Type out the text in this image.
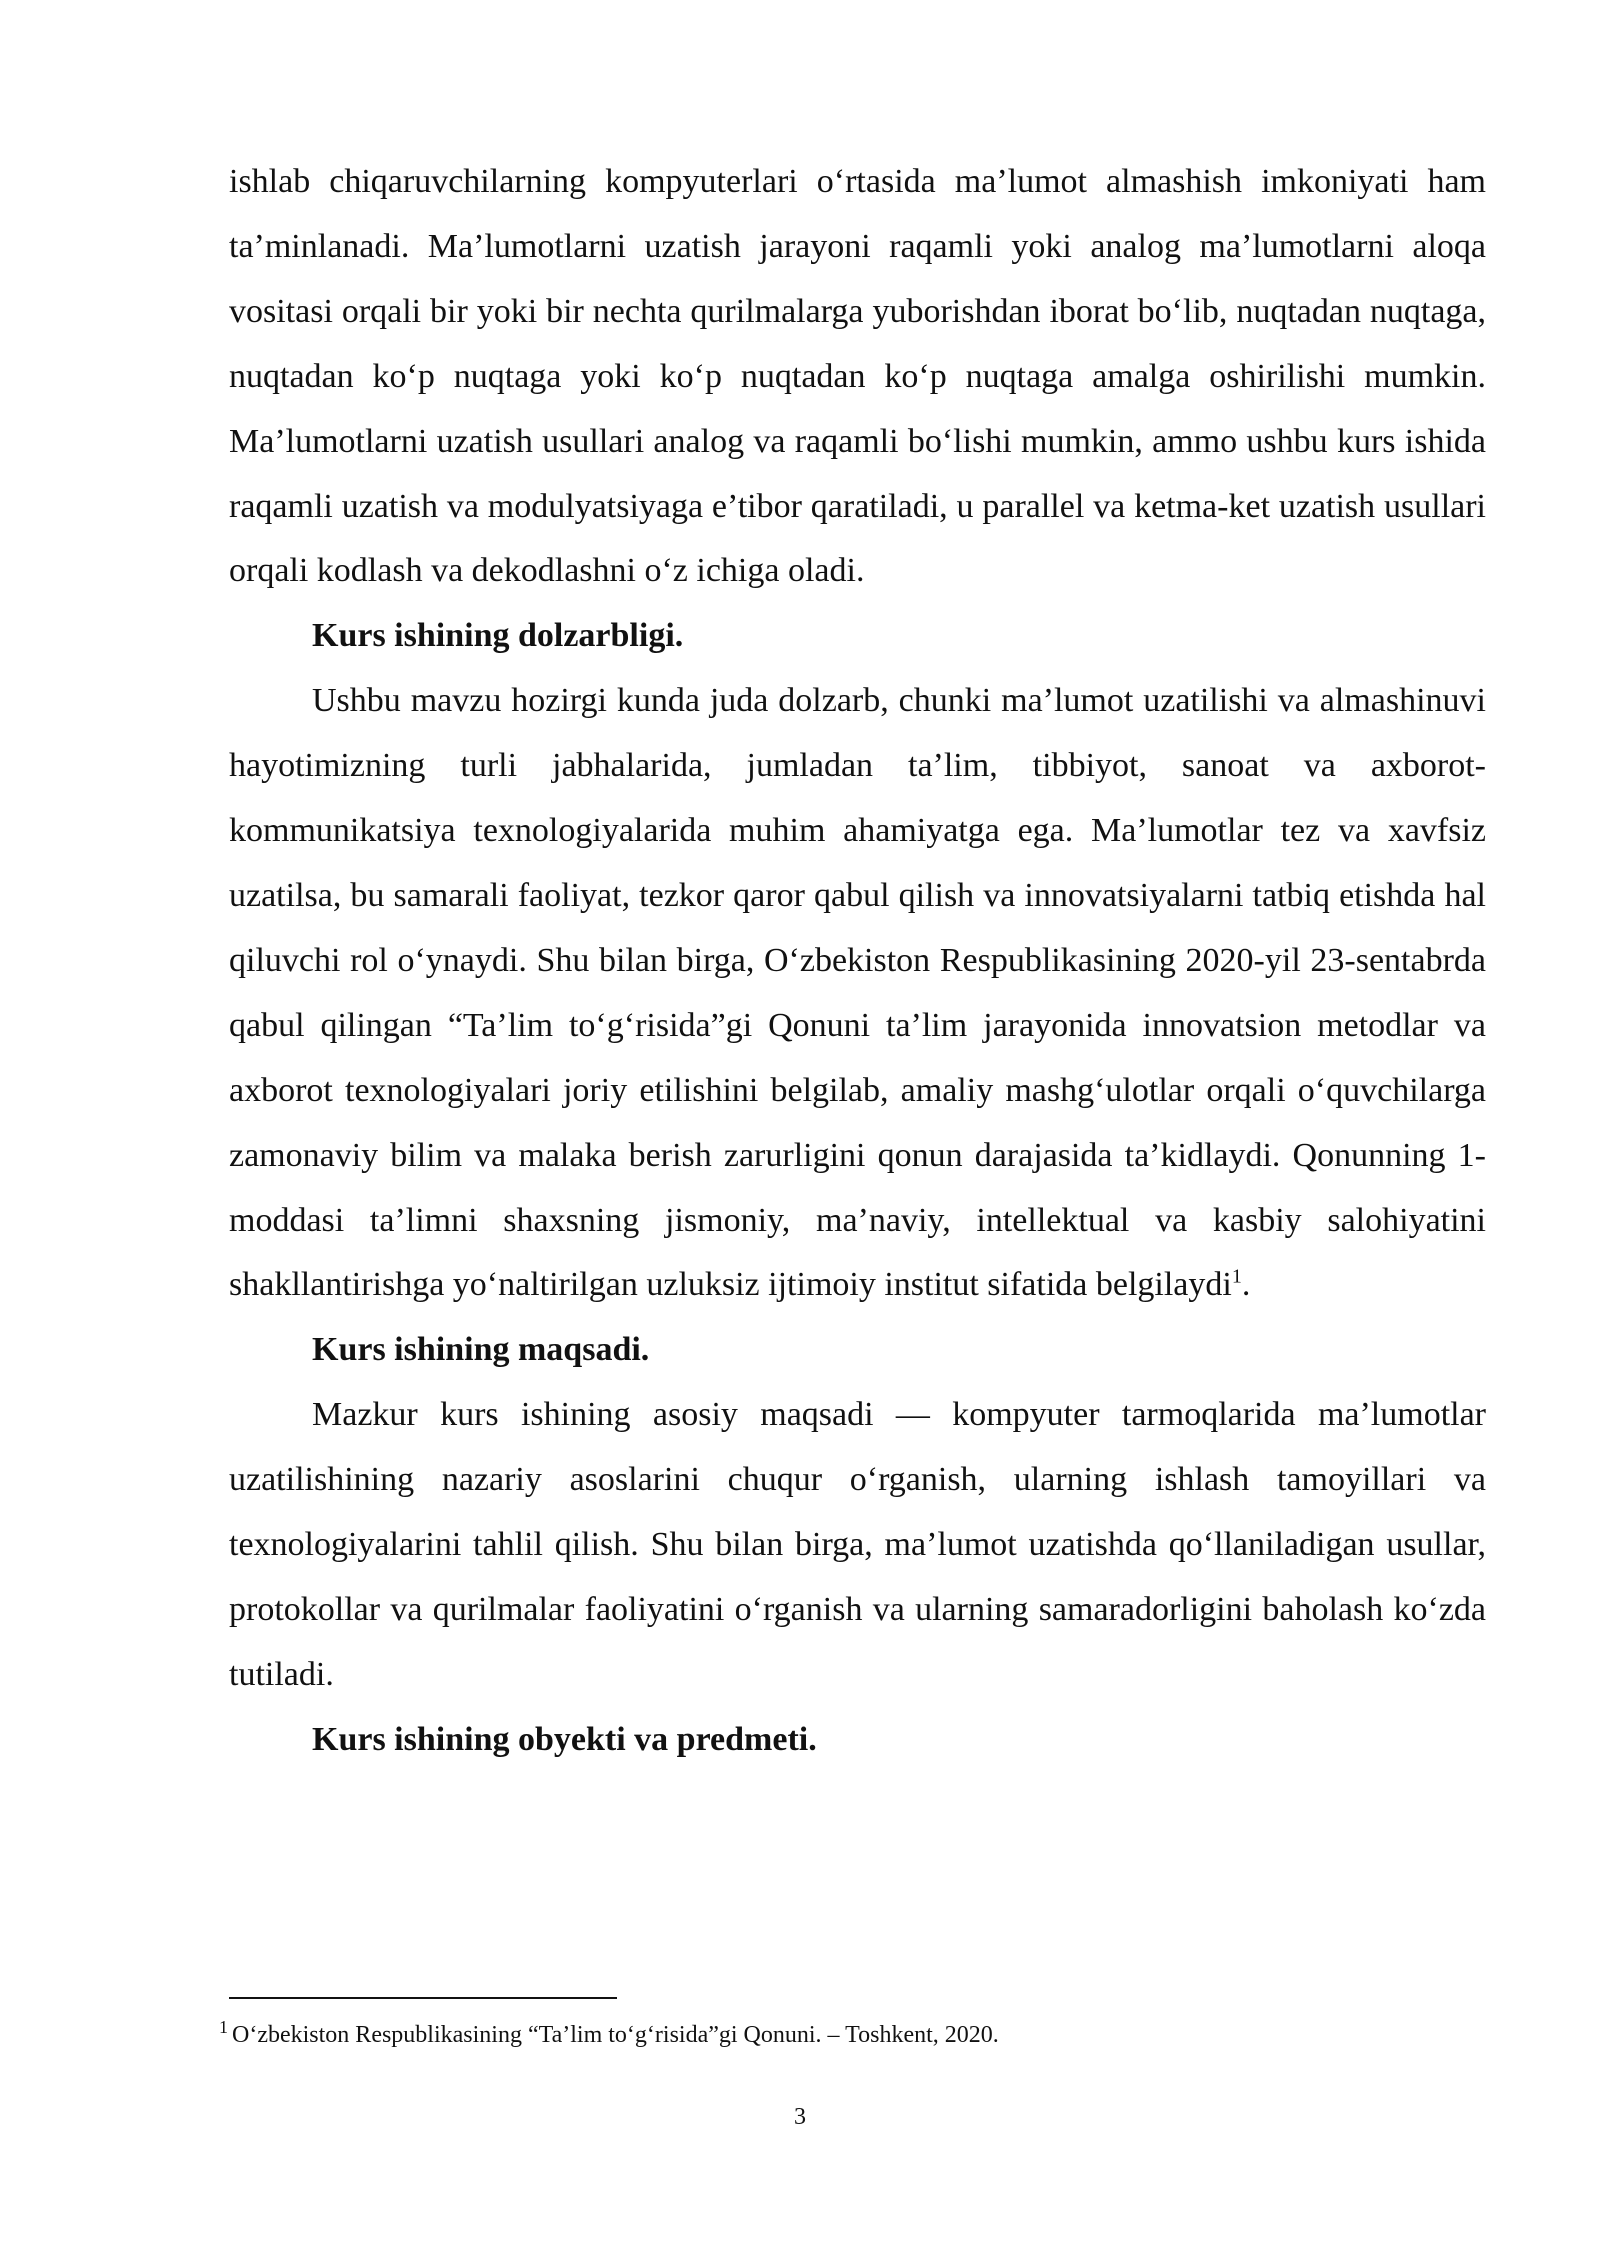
ishlab chiqaruvchilarning kompyuterlari o‘rtasida ma’lumot almashish imkoniyati ham ta’minlanadi. Ma’lumotlarni uzatish jarayoni raqamli yoki analog ma’lumotlarni aloqa vositasi orqali bir yoki bir nechta qurilmalarga yuborishdan iborat bo‘lib, nuqtadan nuqtaga, nuqtadan ko‘p nuqtaga yoki ko‘p nuqtadan ko‘p nuqtaga amalga oshirilishi mumkin. Ma’lumotlarni uzatish usullari analog va raqamli bo‘lishi mumkin, ammo ushbu kurs ishida raqamli uzatish va modulyatsiyaga e’tibor qaratiladi, u parallel va ketma-ket uzatish usullari orqali kodlash va dekodlashni o‘z ichiga oladi.

Kurs ishining dolzarbligi.

Ushbu mavzu hozirgi kunda juda dolzarb, chunki ma’lumot uzatilishi va almashinuvi hayotimizning turli jabhalarida, jumladan ta’lim, tibbiyot, sanoat va axborot-kommunikatsiya texnologiyalarida muhim ahamiyatga ega. Ma’lumotlar tez va xavfsiz uzatilsa, bu samarali faoliyat, tezkor qaror qabul qilish va innovatsiyalarni tatbiq etishda hal qiluvchi rol o‘ynaydi. Shu bilan birga, O‘zbekiston Respublikasining 2020-yil 23-sentabrda qabul qilingan “Ta’lim to‘g‘risida”gi Qonuni ta’lim jarayonida innovatsion metodlar va axborot texnologiyalari joriy etilishini belgilab, amaliy mashg‘ulotlar orqali o‘quvchilarga zamonaviy bilim va malaka berish zarurligini qonun darajasida ta’kidlaydi. Qonunning 1-moddasi ta’limni shaxsning jismoniy, ma’naviy, intellektual va kasbiy salohiyatini shakllantirishga yo‘naltirilgan uzluksiz ijtimoiy institut sifatida belgilaydi$^1$.

Kurs ishining maqsadi.

Mazkur kurs ishining asosiy maqsadi — kompyuter tarmoqlarida ma’lumotlar uzatilishining nazariy asoslarini chuqur o‘rganish, ularning ishlash tamoyillari va texnologiyalarini tahlil qilish. Shu bilan birga, ma’lumot uzatishda qo‘llaniladigan usullar, protokollar va qurilmalar faoliyatini o‘rganish va ularning samaradorligini baholash ko‘zda tutiladi.

Kurs ishining obyekti va predmeti.
$^1$ O‘zbekiston Respublikasining “Ta’lim to‘g‘risida”gi Qonuni. – Toshkent, 2020.
3
